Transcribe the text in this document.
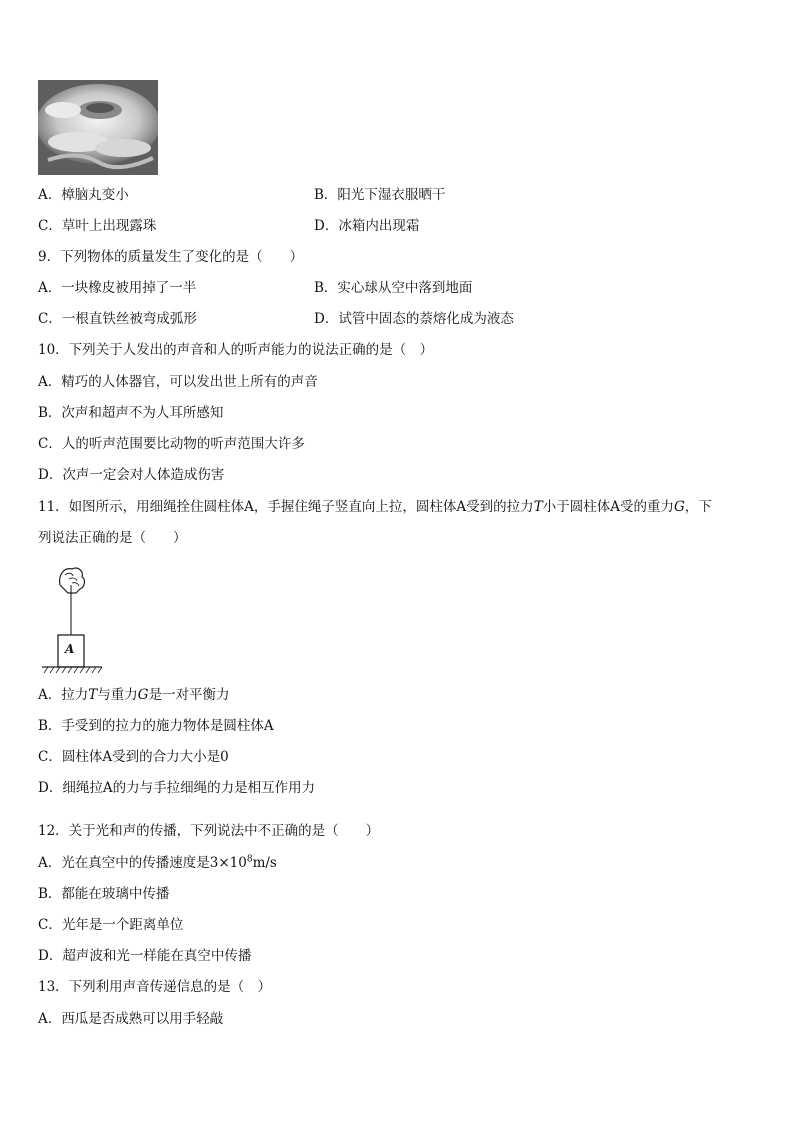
A．樟脑丸变小	B．阳光下湿衣服晒干
C．草叶上出现露珠	D．冰箱内出现霜
9．下列物体的质量发生了变化的是（　　）
A．一块橡皮被用掉了一半	B．实心球从空中落到地面
C．一根直铁丝被弯成弧形	D．试管中固态的萘熔化成为液态
10．下列关于人发出的声音和人的听声能力的说法正确的是（　）
A．精巧的人体器官，可以发出世上所有的声音
B．次声和超声不为人耳所感知
C．人的听声范围要比动物的听声范围大许多
D．次声一定会对人体造成伤害
11．如图所示，用细绳拴住圆柱体A，手握住绳子竖直向上拉，圆柱体A受到的拉力T小于圆柱体A受的重力G，下
列说法正确的是（　　）
A
A．拉力T与重力G是一对平衡力
B．手受到的拉力的施力物体是圆柱体A
C．圆柱体A受到的合力大小是0
D．细绳拉A的力与手拉细绳的力是相互作用力
12．关于光和声的传播，下列说法中不正确的是（　　）
A．光在真空中的传播速度是$3\times 10^8m/s$
B．都能在玻璃中传播
C．光年是一个距离单位
D．超声波和光一样能在真空中传播
13．下列利用声音传递信息的是（　）
A．西瓜是否成熟可以用手轻敲
